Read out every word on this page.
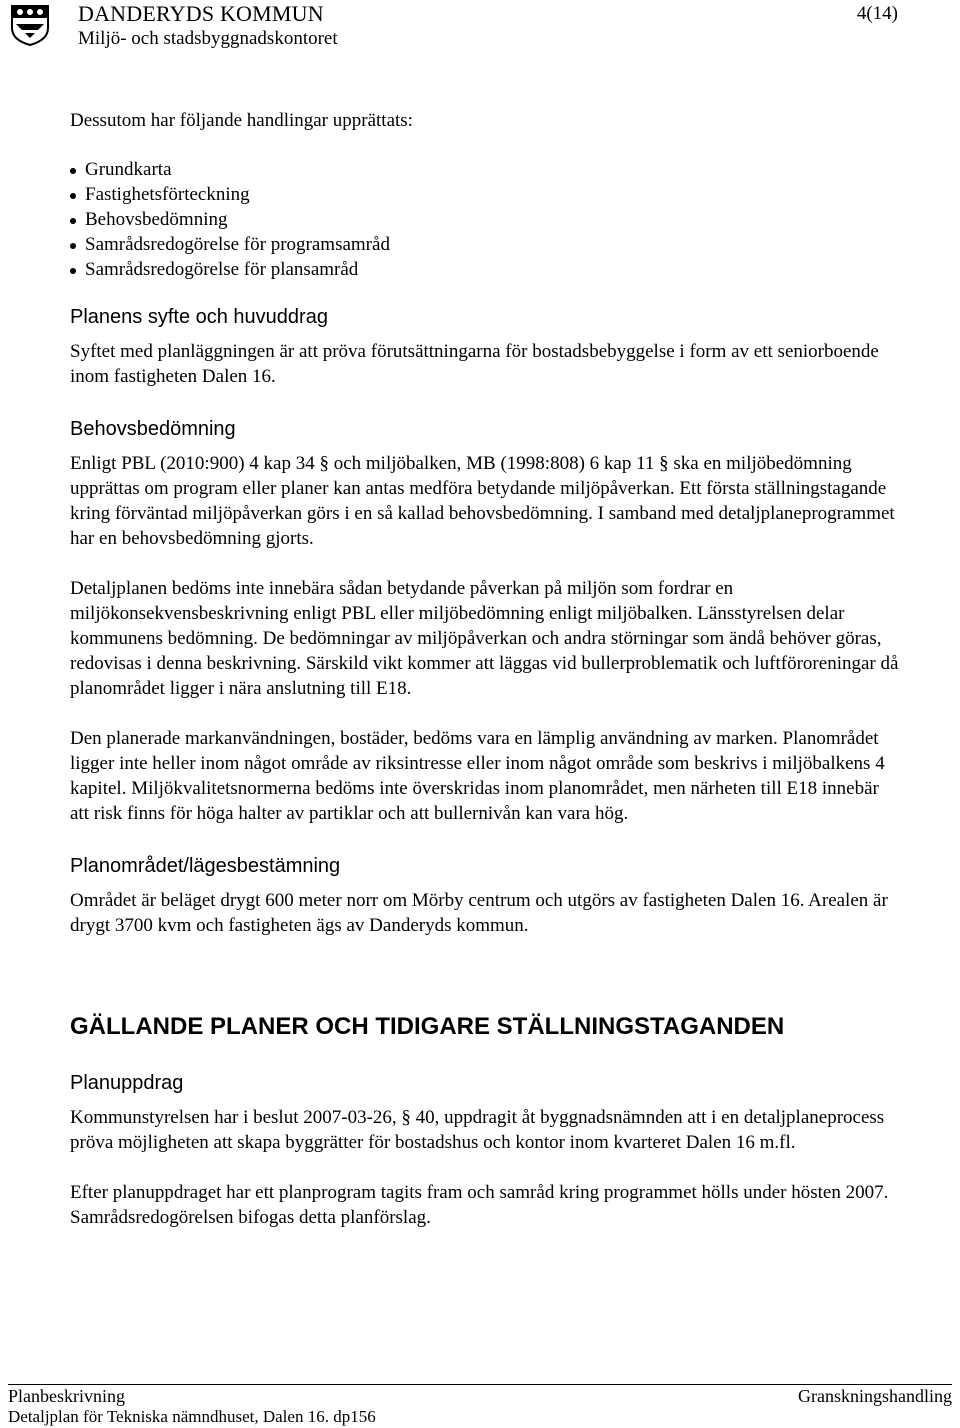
DANDERYDS KOMMUN
Miljö- och stadsbyggnadskontoret
4(14)

Dessutom har följande handlingar upprättats:

Grundkarta
Fastighetsförteckning
Behovsbedömning
Samrådsredogörelse för programsamråd
Samrådsredogörelse för plansamråd
Planens syfte och huvuddrag

Syftet med planläggningen är att pröva förutsättningarna för bostadsbebyggelse i form av ett seniorboende inom fastigheten Dalen 16.

Behovsbedömning

Enligt PBL (2010:900) 4 kap 34 § och miljöbalken, MB (1998:808) 6 kap 11 § ska en miljöbedömning upprättas om program eller planer kan antas medföra betydande miljöpåverkan. Ett första ställningstagande kring förväntad miljöpåverkan görs i en så kallad behovsbedömning. I samband med detaljplaneprogrammet har en behovsbedömning gjorts.

Detaljplanen bedöms inte innebära sådan betydande påverkan på miljön som fordrar en miljökonsekvensbeskrivning enligt PBL eller miljöbedömning enligt miljöbalken. Länsstyrelsen delar kommunens bedömning. De bedömningar av miljöpåverkan och andra störningar som ändå behöver göras, redovisas i denna beskrivning. Särskild vikt kommer att läggas vid bullerproblematik och luftföroreningar då planområdet ligger i nära anslutning till E18.

Den planerade markanvändningen, bostäder, bedöms vara en lämplig användning av marken. Planområdet ligger inte heller inom något område av riksintresse eller inom något område som beskrivs i miljöbalkens 4 kapitel. Miljökvalitetsnormerna bedöms inte överskridas inom planområdet, men närheten till E18 innebär att risk finns för höga halter av partiklar och att bullernivån kan vara hög.

Planområdet/lägesbestämning

Området är beläget drygt 600 meter norr om Mörby centrum och utgörs av fastigheten Dalen 16. Arealen är drygt 3700 kvm och fastigheten ägs av Danderyds kommun.

GÄLLANDE PLANER OCH TIDIGARE STÄLLNINGSTAGANDEN
Planuppdrag

Kommunstyrelsen har i beslut 2007-03-26, § 40, uppdragit åt byggnadsnämnden att i en detaljplaneprocess pröva möjligheten att skapa byggrätter för bostadshus och kontor inom kvarteret Dalen 16 m.fl.

Efter planuppdraget har ett planprogram tagits fram och samråd kring programmet hölls under hösten 2007. Samrådsredogörelsen bifogas detta planförslag.

Planbeskrivning
Detaljplan för Tekniska nämndhuset, Dalen 16. dp156
Granskningshandling
